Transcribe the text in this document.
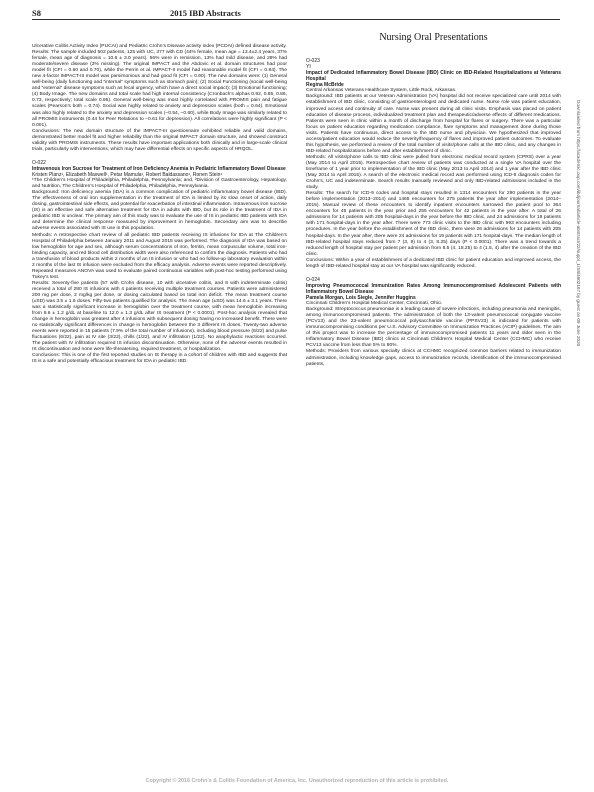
S8	2015 IBD Abstracts

Ulcerative Colitis Activity Index (PUCAI) and Pediatric Crohn’s Disease activity index (PCDAI) defined disease activity.

Results: The sample included 502 patients, 125 with UC, 377 with CD (44% female, mean age = 13.4±2.4 years, 37% female, mean age of diagnosis = 10.6 ± 3.0 years). 56% were in remission, 13% had mild disease, and 28% had moderate/severe disease (3% missing). The original IMPACT and the Abdovic et al. domain structures had poor model fit (CFI = 0.60 and 0.70), while the Perrin et al. IMPACT-II model had reasonable model fit (CFI = 0.84). The new 4-factor IMPACT-III model was parsimonious and had good fit (CFI = 0.90). The new domains were: (1) General well-being (daily functioning and “internal” symptoms such as stomach pain); (2) Social Functioning (social well-being and “external” disease symptoms such as fecal urgency, which have a direct social impact); (3) Emotional functioning; (4) Body Image. The new domains and total scale had high internal consistency (Cronbach’s alphas 0.92, 0.85, 0.86, 0.73, respectively; total scale 0.95). General well-being was most highly correlated with PROMIS pain and fatigue scales (Pearson’s both = 0.74). Social was highly related to anxiety and depression scales (both = 0.64). Emotional was also highly related to the anxiety and depression scales (−0.54, −0.60), while Body Image was similarly related to all PROMIS instruments (0.44 for Peer Relations to −0.61 for depression). All correlations were highly significant (P < 0.001).

Conclusions: The new domain structure of the IMPACT-III questionnaire exhibited reliable and valid domains, demonstrated better model fit and higher reliability than the original IMPACT domain structure, and showed construct validity with PROMIS instruments. These results have important applications both clinically and in large-scale clinical trials, particularly with interventions, which may have differential effects on specific aspects of HRQOL.

O-022

Intravenous Iron Sucrose for Treatment of Iron Deficiency Anemia in Pediatric Inflammatory Bowel Disease

Kristen Planz¹, Elizabeth Maxwell¹, Petar Mamula¹, Robert Baldassano¹, Ronen Stein¹

¹The Children’s Hospital of Philadelphia, Philadelphia, Pennsylvania; and, ²Division of Gastroenterology, Hepatology, and Nutrition, The Children’s Hospital of Philadelphia, Philadelphia, Pennsylvania.

Background: Iron deficiency anemia (IDA) is a common complication of pediatric inflammatory bowel disease (IBD). The effectiveness of oral iron supplementation in the treatment of IDA is limited by its slow onset of action, daily dosing, gastrointestinal side effects, and potential for exacerbation of intestinal inflammation. Intravenous iron sucrose (IS) is an effective and safe alternative treatment for IDA in adults with IBD, but its role in the treatment of IDA in pediatric IBD is unclear. The primary aim of this study was to evaluate the use of IS in pediatric IBD patients with IDA and determine the clinical response measured by improvement in hemoglobin. Secondary aim was to describe adverse events associated with IS use in this population.

Methods: A retrospective chart review of all pediatric IBD patients receiving IS infusions for IDA at The Children’s Hospital of Philadelphia between January 2011 and August 2015 was performed. The diagnosis of IDA was based on low hemoglobin for age and sex, although serum concentrations of iron, ferritin, mean corpuscular volume, total iron-binding capacity, and red blood cell distribution width were also referenced to confirm the diagnosis. Patients who had a transfusion of blood products within 2 months of an IS infusion or who had no follow-up laboratory evaluation within 2 months of the last IS infusion were excluded from the efficacy analysis. Adverse events were reported descriptively. Repeated measures ANOVA was used to evaluate paired continuous variables with post-hoc testing performed using Tukey’s test.

Results: Seventy-five patients (57 with Crohn disease, 10 with ulcerative colitis, and 8 with indeterminate colitis) received a total of 280 IS infusions with 4 patients receiving multiple treatment courses. Patients were administered 200 mg per dose, 2 mg/kg per dose, or dosing calculated based on total iron deficit. The mean treatment course (±SD) was 3.5 ± 1.6 doses. Fifty-two patients qualified for analysis. The mean age (±SD) was 14.6 ± 3.1 years. There was a statistically significant increase in hemoglobin over the treatment course, with mean hemoglobin increasing from 9.6 ± 1.2 g/dL at baseline to 12.0 ± 1.3 g/dL after IS treatment (P < 0.0001). Post-hoc analysis revealed that change in hemoglobin was greatest after 4 infusions with subsequent dosing having no increased benefit. There were no statistically significant differences in change in hemoglobin between the 3 different IS doses. Twenty-two adverse events were reported in 15 patients (7.9% of the total number of infusions), including blood pressure (8/22) and pulse fluctuations (6/22), pain at IV site (3/22), chills (1/22), and IV infiltration (1/22). No anaphylactic reactions occurred. The patient with IV infiltration required IS infusion discontinuation. Otherwise, none of the adverse events resulted in IS discontinuation and none were life-threatening, required treatment, or hospitalization.

Conclusions: This is one of the first reported studies on IS therapy in a cohort of children with IBD and suggests that IS is a safe and potentially efficacious treatment for IDA in pediatric IBD.

Nursing Oral Presentations

O-023

YI

Impact of Dedicated Inflammatory Bowel Disease (IBD) Clinic on IBD-Related Hospitalizations at Veterans Hospital

Regina McBride

Central Arkansas Veterans Healthcare System, Little Rock, Arkansas.

Background: IBD patients at our Veteran Administration (VA) hospital did not receive specialized care until 2014 with establishment of IBD clinic, consisting of gastroenterologist and dedicated nurse. Nurse role was patient education, improved access and continuity of care. Nurse was present during all clinic visits. Emphasis was placed on patient education of disease process, individualized treatment plan and therapeutic/adverse effects of different medications. Patients were seen in clinic within a month of discharge from hospital for flares or surgery. There was a particular focus on patient education regarding medication compliance, flare symptoms and management done during those visits. Patients have continuous, direct access to the IBD nurse and physician. We hypothesized that improved access/patient education would reduce the severity/frequency of flares and improved patient outcomes. To evaluate this hypothesis, we performed a review of the total number of visits/phone calls at the IBD clinic, and any changes in IBD-related hospitalizations before and after establishment of clinic.

Methods: All visits/phone calls to IBD clinic were pulled from electronic medical record system (CPRS) over a year (May 2014 to April 2015). Retrospective chart review of patients was conducted at a single VA hospital over the timeframe of 1 year prior to implementation of the IBD clinic (May 2013 to April 2014) and 1 year after the IBD clinic (May 2014 to April 2015). A search of the electronic medical record was performed using ICD-9 diagnosis codes for Crohn’s, UC and indeterminate. Search results manually reviewed and only IBD-related admissions included in the study.

Results: The search for ICD-9 codes and hospital stays resulted in 1314 encounters for 290 patients in the year before implementation (2013–2014) and 1465 encounters for 275 patients the year after implementation (2014–2015). Manual review of these encounters to identify inpatient encounters narrowed the patient pool to 364 encounters for 45 patients in the year prior and 255 encounters for 42 patients in the year after. A total of 26 admissions for 14 patients with 205 hospital-days in the year before the IBD clinic, and 24 admissions for 19 patients with 171 hospital-days in the year after. There were 773 clinic visits to the IBD clinic with 993 encounters including procedures. In the year before the establishment of the IBD clinic, there were 26 admissions for 14 patients with 205 hospital-days. In the year after, there were 24 admissions for 19 patients with 171 hospital-days. The median length of IBD-related hospital stays reduced from 7 (3, 9) to 4 (3, 8.25) days (P < 0.0001). There was a trend towards a reduced length of hospital stay per patient per admission from 8.5 (4, 18.25) to 4 (1.5, 4) after the creation of the IBD clinic.

Conclusions: Within a year of establishment of a dedicated IBD clinic for patient education and improved access, the length of IBD-related hospital stay at our VA hospital was significantly reduced.

O-024

Improving Pneumococcal Immunization Rates Among Immunocompromised Adolescent Patients with Inflammatory Bowel Disease

Pamela Morgan, Lois Siegle, Jennifer Huggins

Cincinnati Children’s Hospital Medical Center, Cincinnati, Ohio.

Background: Streptococcus pneumoniae is a leading cause of severe infections, including pneumonia and meningitis, among immunocompromised patients. The administration of both the 13-valent pneumococcal conjugate vaccine (PCV13) and the 23-valent pneumococcal polysaccharide vaccine (PPSV23) is indicated for patients with immunocompromising conditions per U.S. Advisory Committee on Immunization Practices (ACIP) guidelines. The aim of this project was to increase the percentage of immunocompromised patients 11 years and older seen in the Inflammatory Bowel Disease (IBD) clinics at Cincinnati Children’s Hospital Medical Center (CCHMC) who receive PCV13 vaccine from less than 5% to 80%.

Methods: Providers from various specialty clinics at CCHMC recognized common barriers related to immunization administration, including knowledge gaps, access to immunization records, identification of the immunocompromised patients,

Downloaded from https://academic.oup.com/ibdjournal/article-abstract/22/suppl_1/S8/4602167 by guest on 09 June 2020
Copyright © 2016 Crohn’s & Colitis Foundation of America, Inc. Unauthorized reproduction of this article is prohibited.
